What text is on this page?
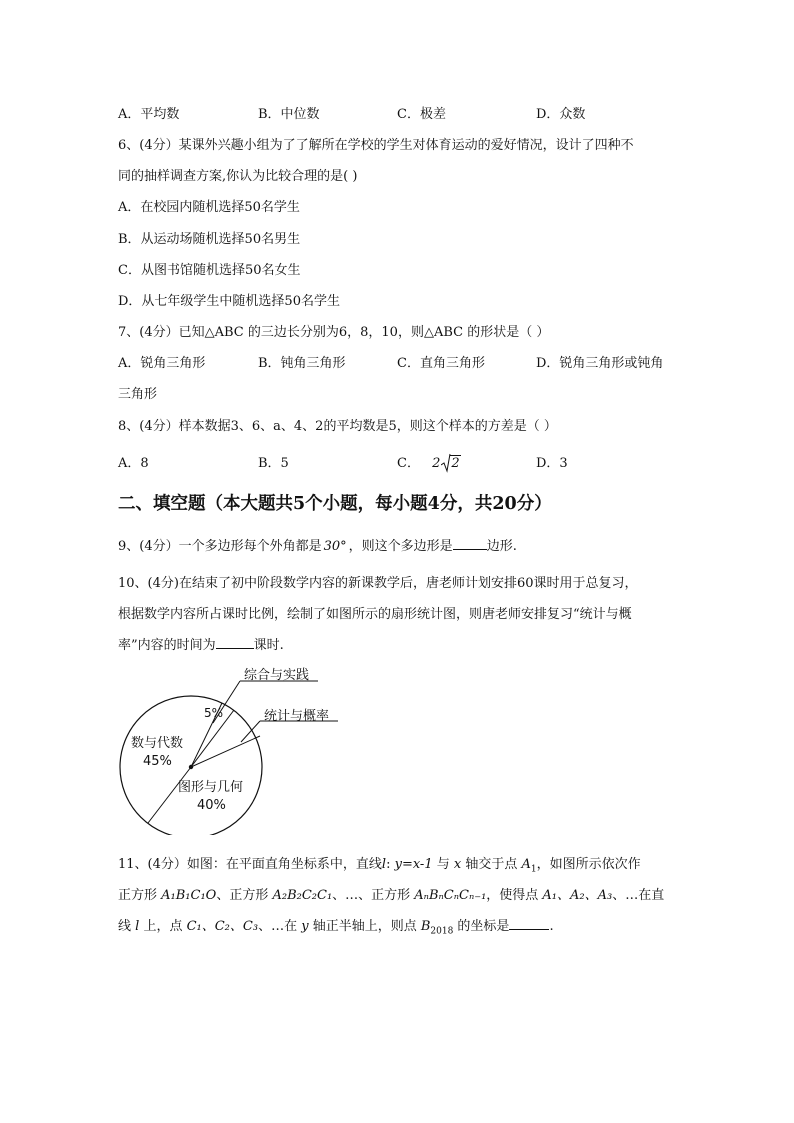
A．平均数	B．中位数	C．极差	D．众数
6、(4分）某课外兴趣小组为了了解所在学校的学生对体育运动的爱好情况，设计了四种不
同的抽样调查方案,你认为比较合理的是( )
A．在校园内随机选择50名学生
B．从运动场随机选择50名男生
C．从图书馆随机选择50名女生
D．从七年级学生中随机选择50名学生
7、(4分）已知△ABC 的三边长分别为6，8，10，则△ABC 的形状是（ ）
A．锐角三角形	B．钝角三角形	C．直角三角形	D．锐角三角形或钝角
三角形
8、(4分）样本数据3、6、a、4、2的平均数是5，则这个样本的方差是（ ）
A．8	B．5	C． 2 2	D．3
二、填空题（本大题共5个小题，每小题4分，共20分）
9、(4分）一个多边形每个外角都是 30° ，则这个多边形是	边形.
10、(4分)在结束了初中阶段数学内容的新课教学后，唐老师计划安排60课时用于总复习，
根据数学内容所占课时比例，绘制了如图所示的扇形统计图，则唐老师安排复习“统计与概
率”内容的时间为	课时.
综合与实践
5%	统计与概率
数与代数
45%
图形与几何
40%
11、(4分）如图：在平面直角坐标系中，直线l: y=x-1 与 x 轴交于点 $A_1$，如图所示依次作
正方形 A₁B₁C₁O、正方形 A₂B₂C₂C₁、…、正方形 AₙBₙCₙCₙ₋₁，使得点 A₁、A₂、A₃、…在直
线 l 上，点 C₁、C₂、C₃、…在 y 轴正半轴上，则点 $B_{2018}$ 的坐标是	.
